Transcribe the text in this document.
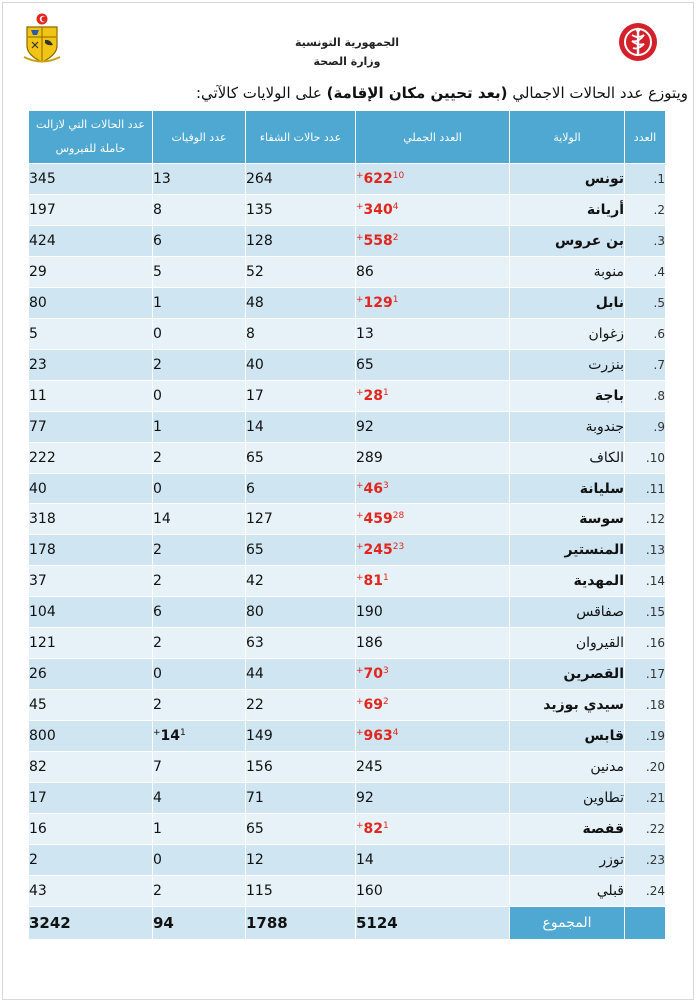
الجمهورية التونسية
وزارة الصحة
ويتوزع عدد الحالات الاجمالي (بعد تحيين مكان الإقامة) على الولايات كالآتي:
العدد	الولاية	العدد الجملي	عدد حالات الشفاء	عدد الوفيات	عدد الحالات التي لازالت
حاملة للفيروس

1.	تونس	$622^{10+}$	264	13	345
2.	أريانة	$340^{4+}$	135	8	197
3.	بن عروس	$558^{2+}$	128	6	424
4.	منوبة	86	52	5	29
5.	نابل	$129^{1+}$	48	1	80
6.	زغوان	13	8	0	5
7.	بنزرت	65	40	2	23
8.	باجة	$28^{1+}$	17	0	11
9.	جندوبة	92	14	1	77
10.	الكاف	289	65	2	222
11.	سليانة	$46^{3+}$	6	0	40
12.	سوسة	$459^{28+}$	127	14	318
13.	المنستير	$245^{23+}$	65	2	178
14.	المهدية	$81^{1+}$	42	2	37
15.	صفاقس	190	80	6	104
16.	القيروان	186	63	2	121
17.	القصرين	$70^{3+}$	44	0	26
18.	سيدي بوزيد	$69^{2+}$	22	2	45
19.	قابس	$963^{4+}$	149	$14^{1+}$	800
20.	مدنين	245	156	7	82
21.	تطاوين	92	71	4	17
22.	قفصة	$82^{1+}$	65	1	16
23.	توزر	14	12	0	2
24.	قبلي	160	115	2	43
	المجموع	5124	1788	94	3242
